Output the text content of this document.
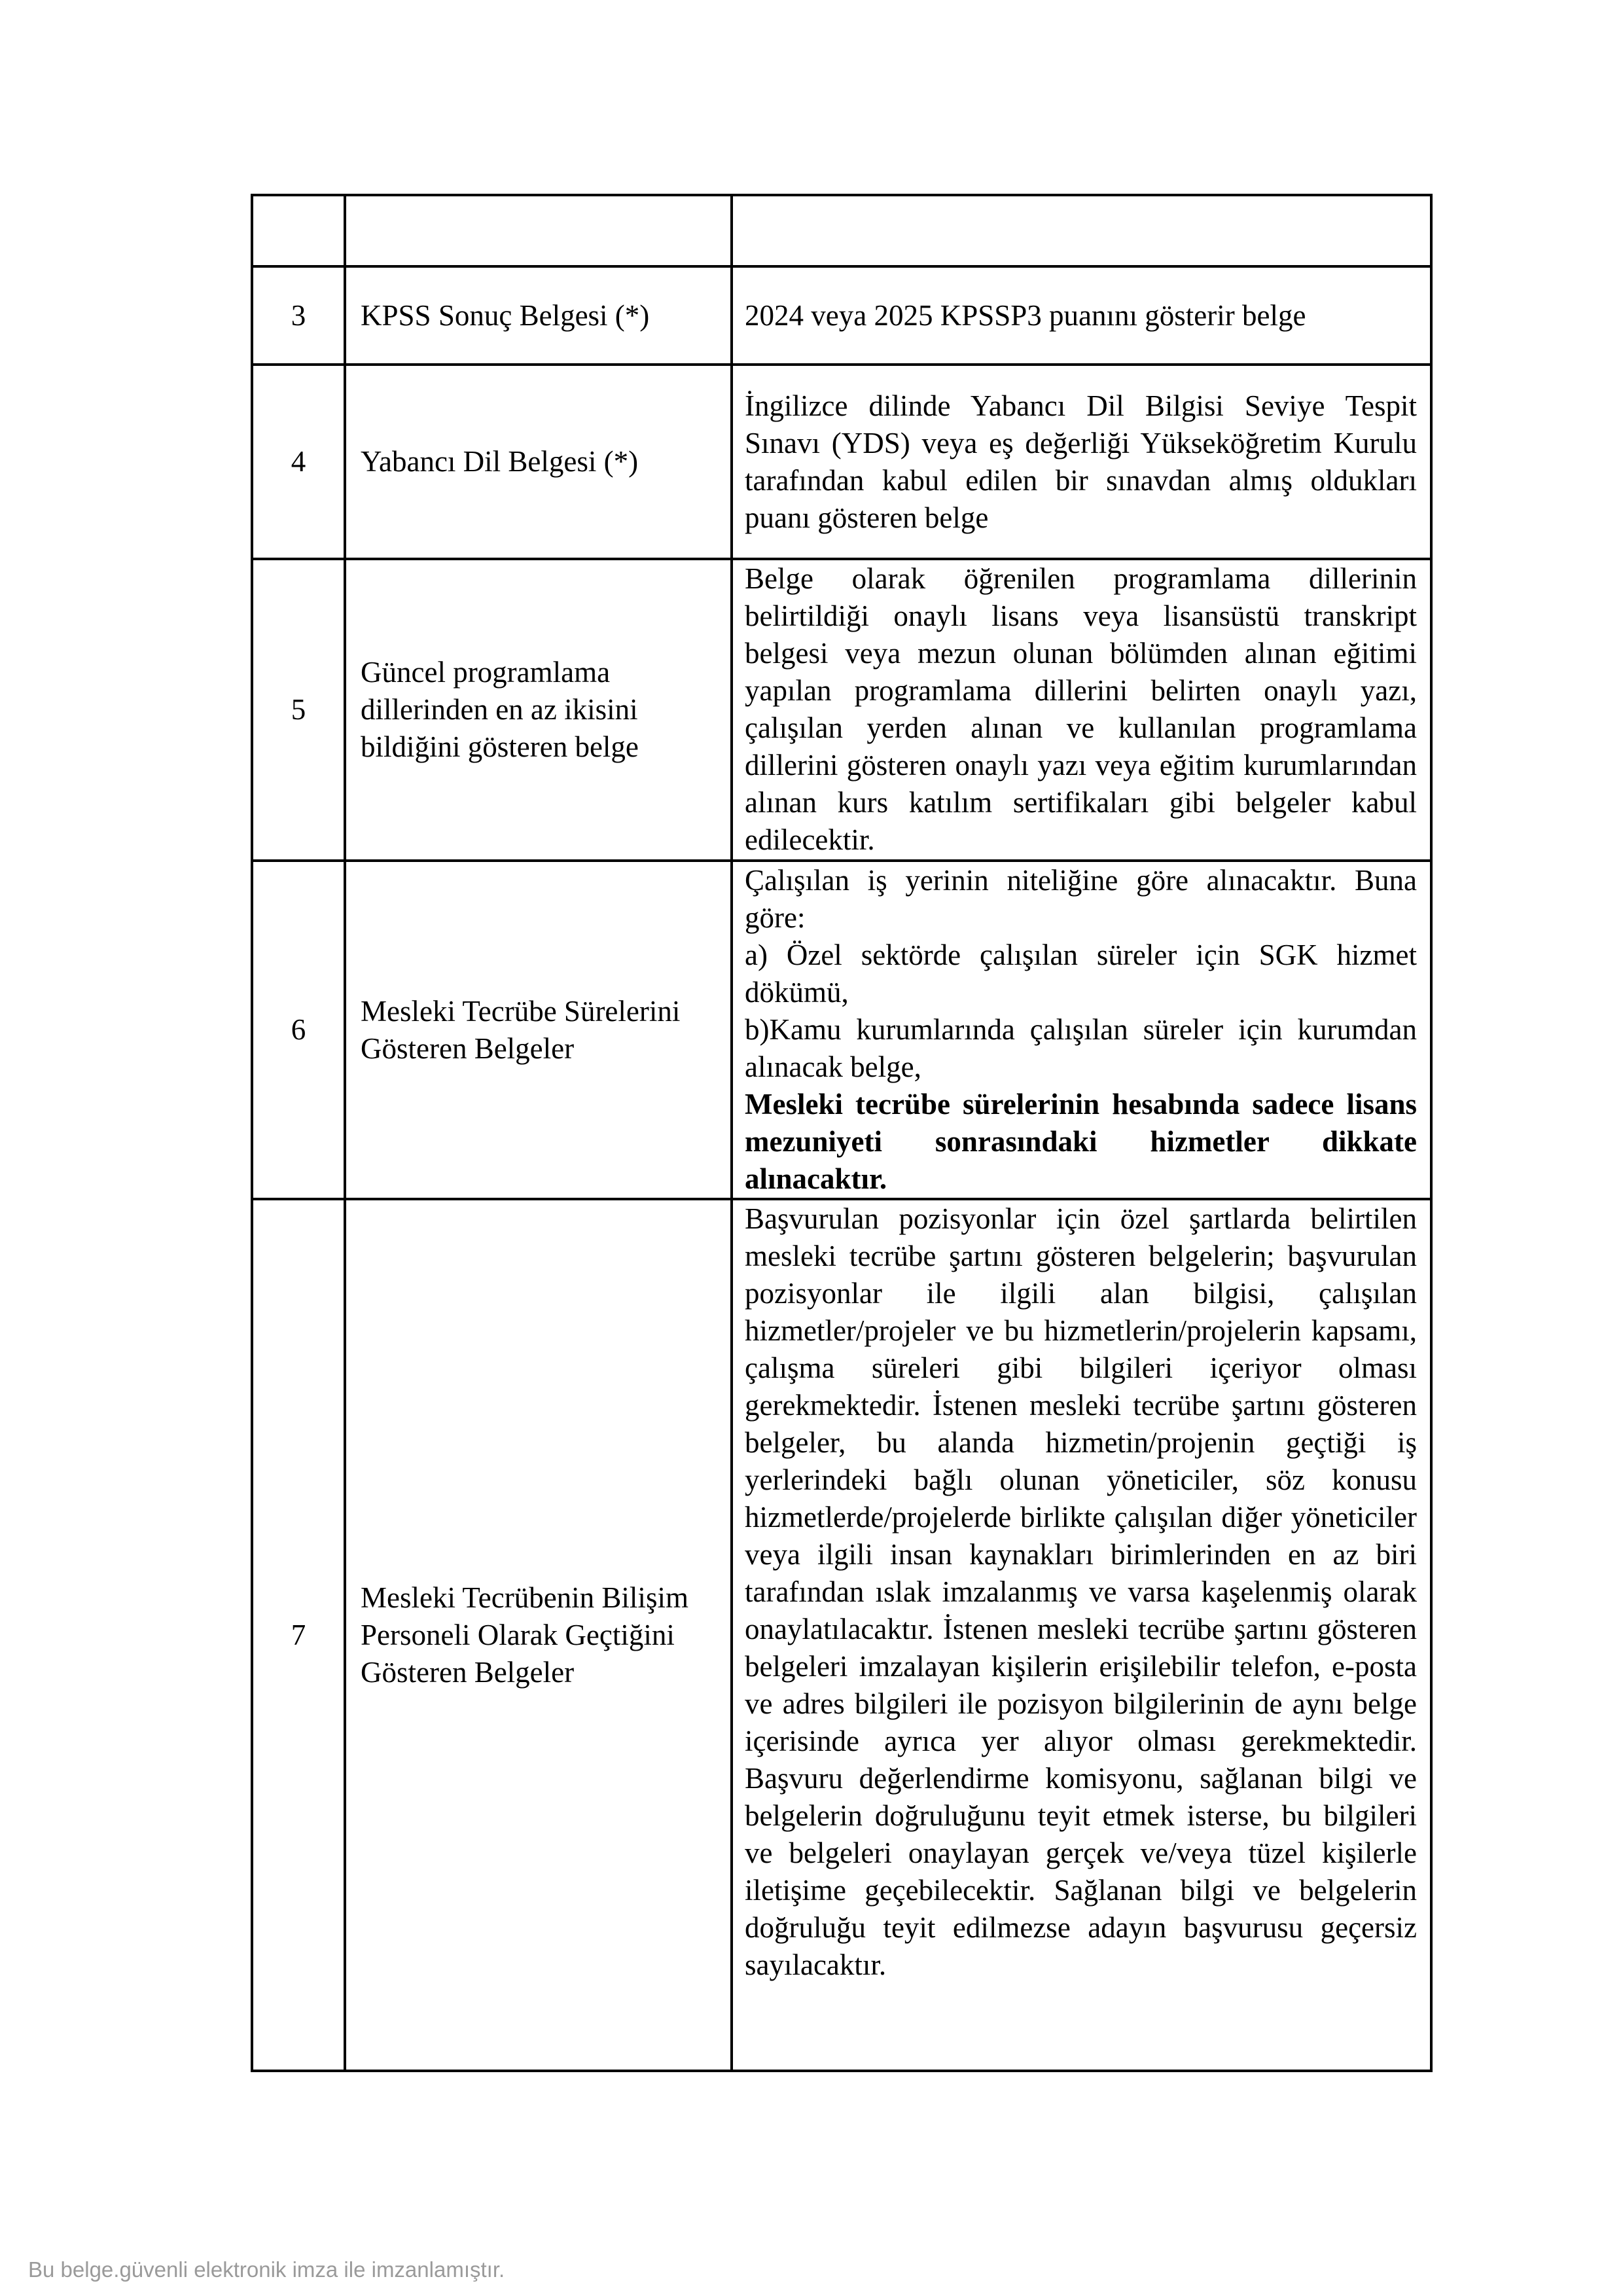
3	KPSS Sonuç Belgesi (*)	2024 veya 2025 KPSSP3 puanını gösterir belge

4	Yabancı Dil Belgesi (*)	İngilizce dilinde Yabancı Dil Bilgisi Seviye Tespit Sınavı (YDS) veya eş değerliği Yükseköğretim Kurulu tarafından kabul edilen bir sınavdan almış oldukları puanı gösteren belge

5	Güncel programlama dillerinden en az ikisini bildiğini gösteren belge	Belge olarak öğrenilen programlama dillerinin belirtildiği onaylı lisans veya lisansüstü transkript belgesi veya mezun olunan bölümden alınan eğitimi yapılan programlama dillerini belirten onaylı yazı, çalışılan yerden alınan ve kullanılan programlama dillerini gösteren onaylı yazı veya eğitim kurumlarından alınan kurs katılım sertifikaları gibi belgeler kabul edilecektir.

6	Mesleki Tecrübe Sürelerini Gösteren Belgeler	Çalışılan iş yerinin niteliğine göre alınacaktır. Buna göre:
a) Özel sektörde çalışılan süreler için SGK hizmet dökümü,
b)Kamu kurumlarında çalışılan süreler için kurumdan alınacak belge,
Mesleki tecrübe sürelerinin hesabında sadece lisans mezuniyeti sonrasındaki hizmetler dikkate alınacaktır.

7	Mesleki Tecrübenin Bilişim Personeli Olarak Geçtiğini Gösteren Belgeler	Başvurulan pozisyonlar için özel şartlarda belirtilen mesleki tecrübe şartını gösteren belgelerin; başvurulan pozisyonlar ile ilgili alan bilgisi, çalışılan hizmetler/projeler ve bu hizmetlerin/projelerin kapsamı, çalışma süreleri gibi bilgileri içeriyor olması gerekmektedir. İstenen mesleki tecrübe şartını gösteren belgeler, bu alanda hizmetin/projenin geçtiği iş yerlerindeki bağlı olunan yöneticiler, söz konusu hizmetlerde/projelerde birlikte çalışılan diğer yöneticiler veya ilgili insan kaynakları birimlerinden en az biri tarafından ıslak imzalanmış ve varsa kaşelenmiş olarak onaylatılacaktır. İstenen mesleki tecrübe şartını gösteren belgeleri imzalayan kişilerin erişilebilir telefon, e-posta ve adres bilgileri ile pozisyon bilgilerinin de aynı belge içerisinde ayrıca yer alıyor olması gerekmektedir. Başvuru değerlendirme komisyonu, sağlanan bilgi ve belgelerin doğruluğunu teyit etmek isterse, bu bilgileri ve belgeleri onaylayan gerçek ve/veya tüzel kişilerle iletişime geçebilecektir. Sağlanan bilgi ve belgelerin doğruluğu teyit edilmezse adayın başvurusu geçersiz sayılacaktır.
Bu belge.güvenli elektronik imza ile imzanlamıştır.
